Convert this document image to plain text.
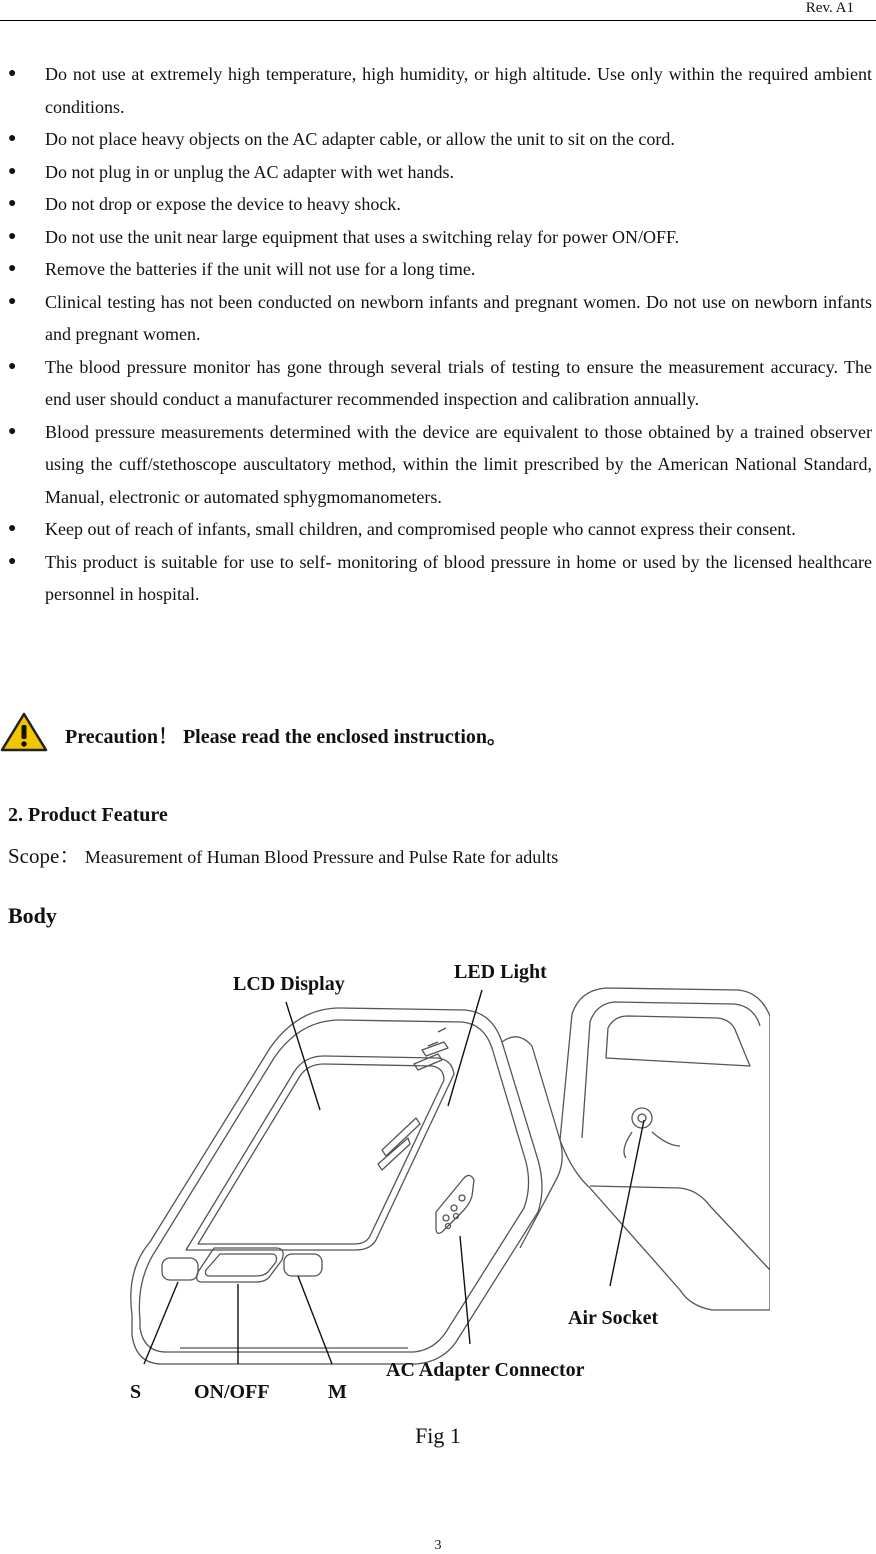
Rev. A1
● Do not use at extremely high temperature, high humidity, or high altitude. Use only within the required ambient conditions.
● Do not place heavy objects on the AC adapter cable, or allow the unit to sit on the cord.
● Do not plug in or unplug the AC adapter with wet hands.
● Do not drop or expose the device to heavy shock.
● Do not use the unit near large equipment that uses a switching relay for power ON/OFF.
● Remove the batteries if the unit will not use for a long time.
● Clinical testing has not been conducted on newborn infants and pregnant women. Do not use on newborn infants and pregnant women.
● The blood pressure monitor has gone through several trials of testing to ensure the measurement accuracy. The end user should conduct a manufacturer recommended inspection and calibration annually.
● Blood pressure measurements determined with the device are equivalent to those obtained by a trained observer using the cuff/stethoscope auscultatory method, within the limit prescribed by the American National Standard, Manual, electronic or automated sphygmomanometers.
● Keep out of reach of infants, small children, and compromised people who cannot express their consent.
● This product is suitable for use to self- monitoring of blood pressure in home or used by the licensed healthcare personnel in hospital.
Precaution！ Please read the enclosed instruction。
2. Product Feature
Scope： Measurement of Human Blood Pressure and Pulse Rate for adults
Body
LCD Display
LED Light
Air Socket
AC Adapter Connector
S	ON/OFF	M
Fig 1
3
